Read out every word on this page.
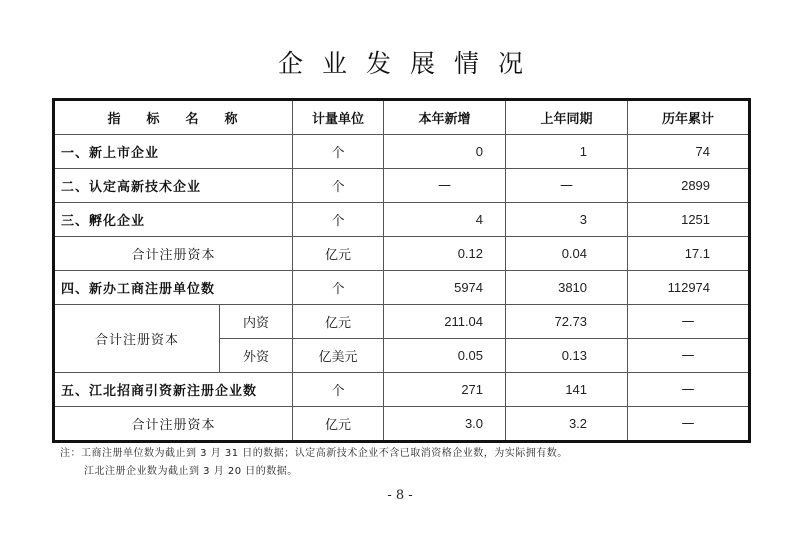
企业发展情况
指标名称		计量单位	本年新增	上年同期	历年累计
一、新上市企业		个	0	1	74
二、认定高新技术企业		个	—	—	2899
三、孵化企业		个	4	3	1251
合计注册资本		亿元	0.12	0.04	17.1
四、新办工商注册单位数		个	5974	3810	112974
合计注册资本	内资	亿元	211.04	72.73	—
	外资	亿美元	0.05	0.13	—
五、江北招商引资新注册企业数		个	271	141	—
合计注册资本		亿元	3.0	3.2	—
注：工商注册单位数为截止到 3 月 31 日的数据；认定高新技术企业不含已取消资格企业数，为实际拥有数。
江北注册企业数为截止到 3 月 20 日的数据。
- 8 -
